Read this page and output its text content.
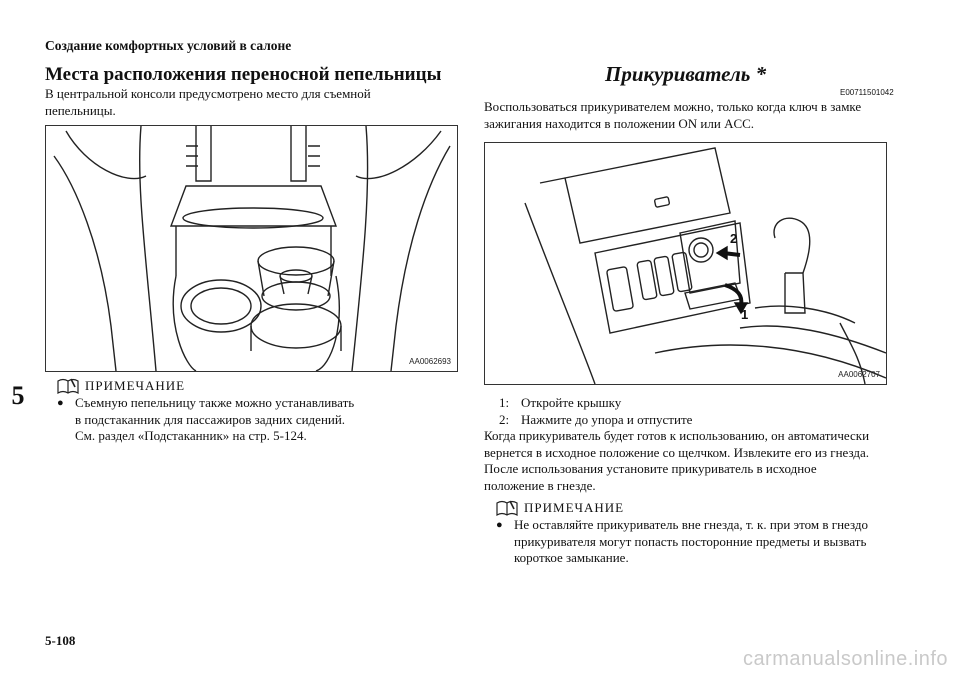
Создание комфортных условий в салоне
5
Места расположения переносной пепельницы
В центральной консоли предусмотрено место для съемной
пепельницы.
AA0062693
ПРИМЕЧАНИЕ
● Съемную пепельницу также можно устанавливать
в подстаканник для пассажиров задних сидений.
См. раздел «Подстаканник» на стр. 5-124.
Прикуриватель *
E00711501042
Воспользоваться прикуривателем можно, только когда ключ в замке
зажигания находится в положении ON или ACC.
2
1
AA0062707
1: Откройте крышку
2: Нажмите до упора и отпустите
Когда прикуриватель будет готов к использованию, он автоматически
вернется в исходное положение со щелчком. Извлеките его из гнезда.
После использования установите прикуриватель в исходное
положение в гнезде.
ПРИМЕЧАНИЕ
● Не оставляйте прикуриватель вне гнезда, т. к. при этом в гнездо
прикуривателя могут попасть посторонние предметы и вызвать
короткое замыкание.
5-108
carmanualsonline.info
